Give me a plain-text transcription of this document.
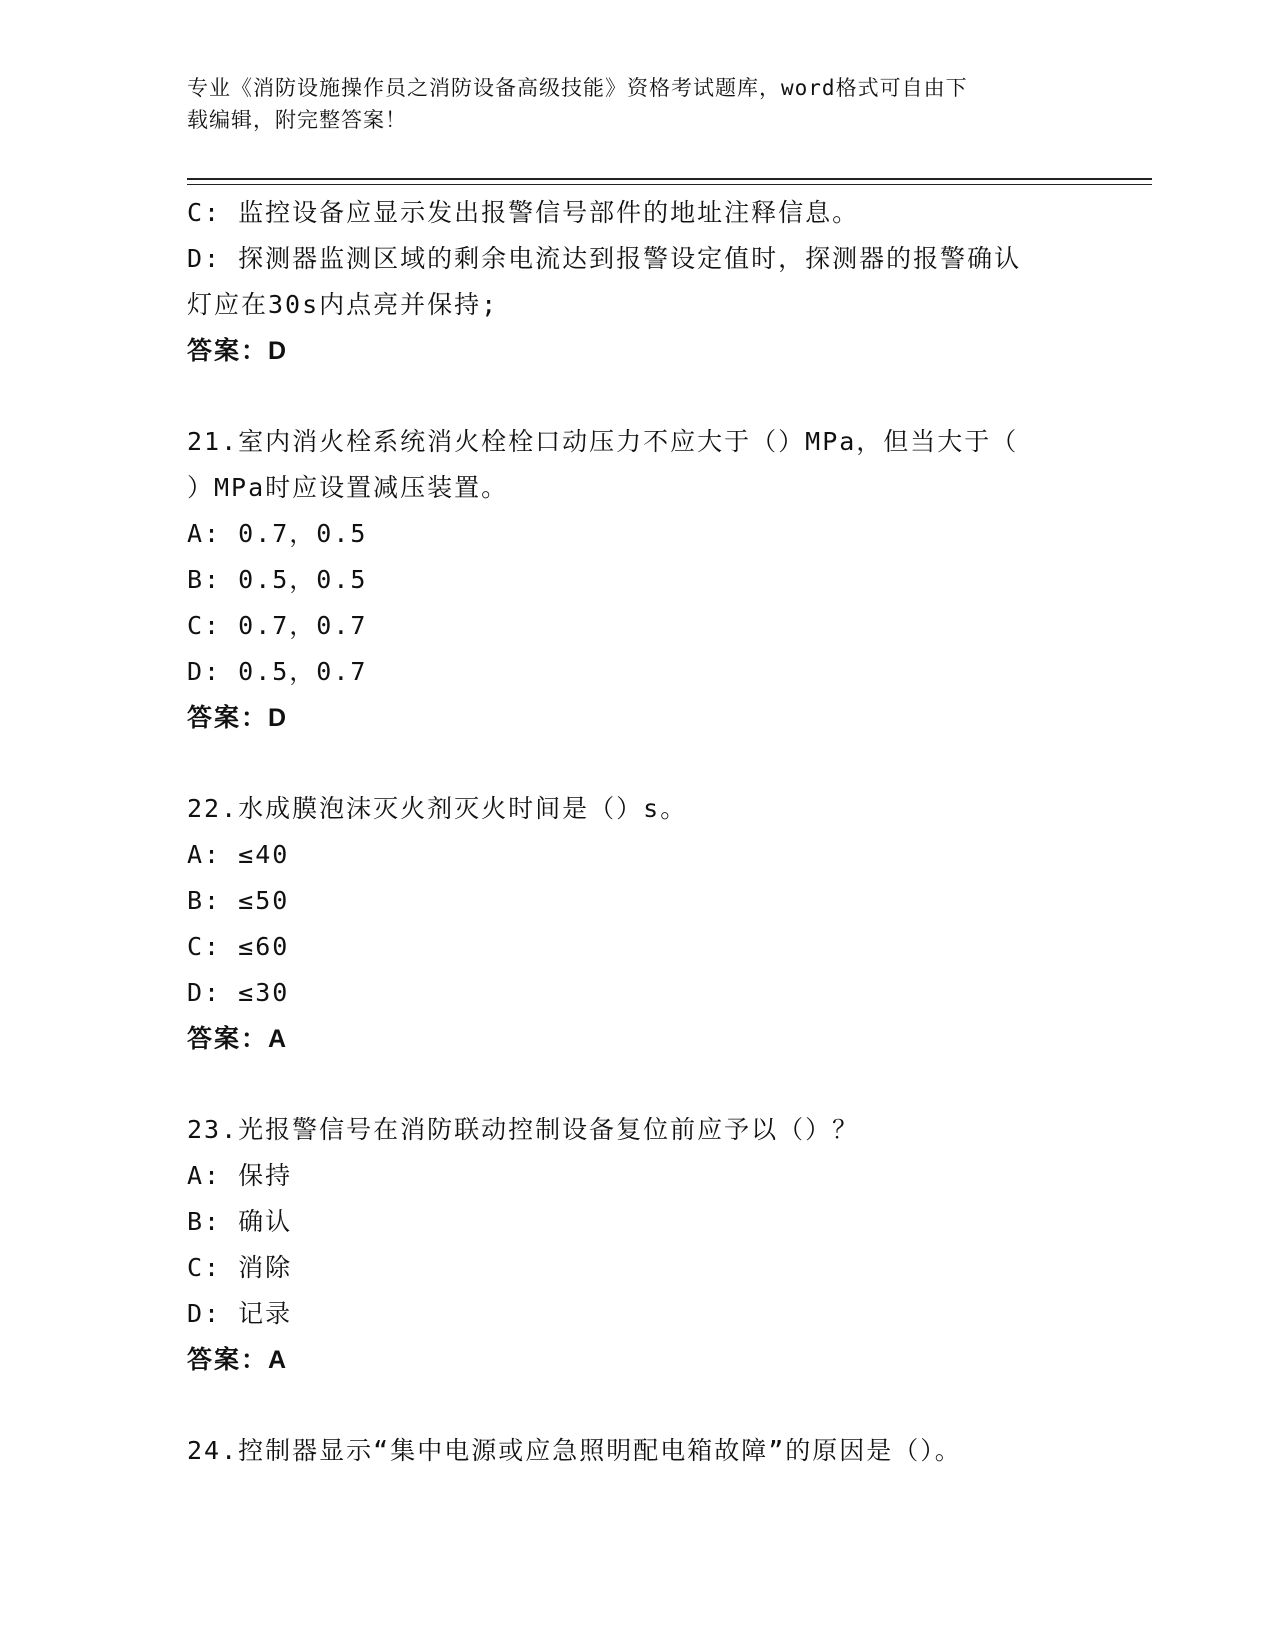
专业《消防设施操作员之消防设备高级技能》资格考试题库，word格式可自由下
载编辑，附完整答案！
C: 监控设备应显示发出报警信号部件的地址注释信息。
D: 探测器监测区域的剩余电流达到报警设定值时，探测器的报警确认
灯应在30s内点亮并保持;
答案：D
21.室内消火栓系统消火栓栓口动压力不应大于（）MPa，但当大于（
）MPa时应设置减压装置。
A: 0.7，0.5
B: 0.5，0.5
C: 0.7，0.7
D: 0.5，0.7
答案：D
22.水成膜泡沫灭火剂灭火时间是（）s。
A: ≤40
B: ≤50
C: ≤60
D: ≤30
答案：A
23.光报警信号在消防联动控制设备复位前应予以（）？
A: 保持
B: 确认
C: 消除
D: 记录
答案：A
24.控制器显示“集中电源或应急照明配电箱故障”的原因是（）。
